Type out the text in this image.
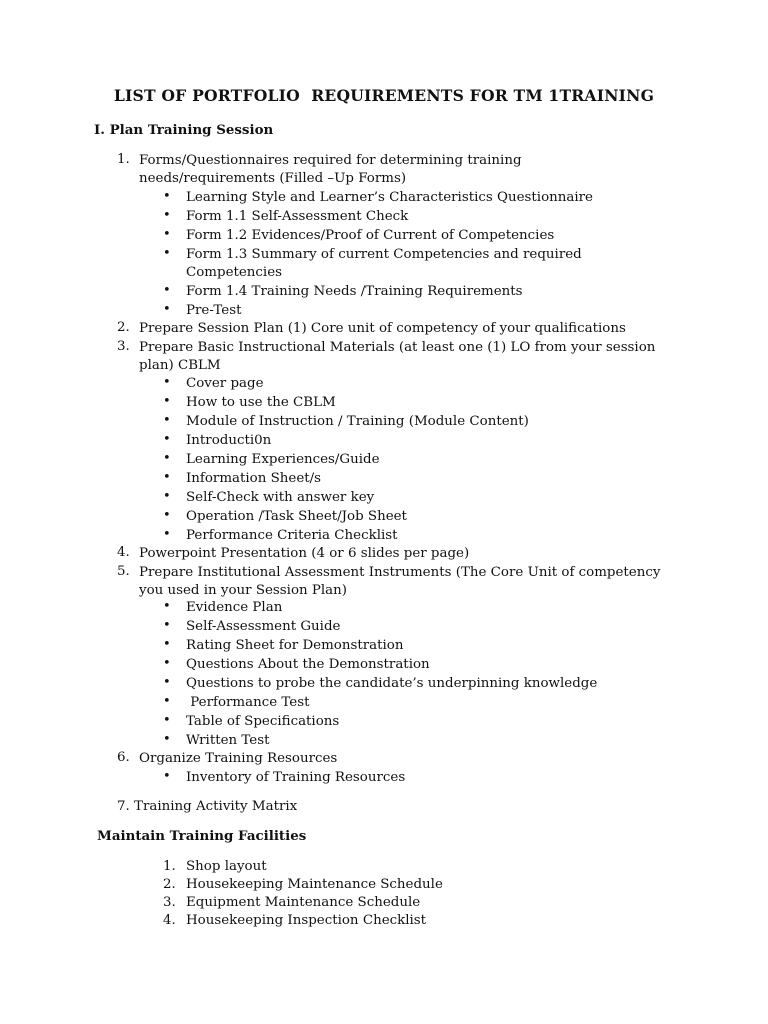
LIST OF PORTFOLIO  REQUIREMENTS FOR TM 1TRAINING
I. Plan Training Session
1. Forms/Questionnaires required for determining training needs/requirements (Filled –Up Forms)
• Learning Style and Learner’s Characteristics Questionnaire
• Form 1.1 Self-Assessment Check
• Form 1.2 Evidences/Proof of Current of Competencies
• Form 1.3 Summary of current Competencies and required Competencies
• Form 1.4 Training Needs /Training Requirements
• Pre-Test
2. Prepare Session Plan (1) Core unit of competency of your qualifications
3. Prepare Basic Instructional Materials (at least one (1) LO from your session plan) CBLM
• Cover page
• How to use the CBLM
• Module of Instruction / Training (Module Content)
• Introducti0n
• Learning Experiences/Guide
• Information Sheet/s
• Self-Check with answer key
• Operation /Task Sheet/Job Sheet
• Performance Criteria Checklist
4. Powerpoint Presentation (4 or 6 slides per page)
5. Prepare Institutional Assessment Instruments (The Core Unit of competency you used in your Session Plan)
• Evidence Plan
• Self-Assessment Guide
• Rating Sheet for Demonstration
• Questions About the Demonstration
• Questions to probe the candidate’s underpinning knowledge
• Performance Test
• Table of Specifications
• Written Test
6. Organize Training Resources
• Inventory of Training Resources
7. Training Activity Matrix
Maintain Training Facilities
1. Shop layout
2. Housekeeping Maintenance Schedule
3. Equipment Maintenance Schedule
4. Housekeeping Inspection Checklist
